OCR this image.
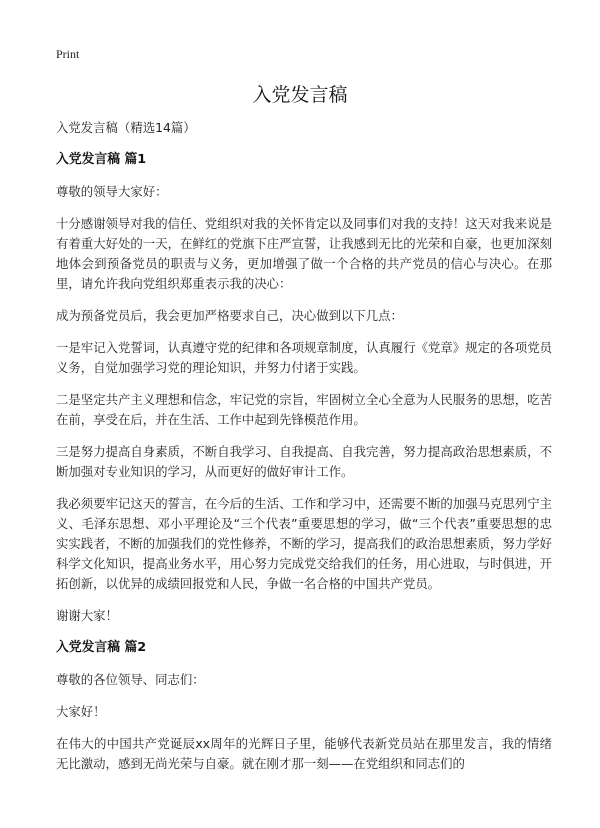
Print
入党发言稿

入党发言稿（精选14篇）

入党发言稿 篇1

尊敬的领导大家好：

十分感谢领导对我的信任、党组织对我的关怀肯定以及同事们对我的支持！这天对我来说是有着重大好处的一天，在鲜红的党旗下庄严宣誓，让我感到无比的光荣和自豪，也更加深刻地体会到预备党员的职责与义务，更加增强了做一个合格的共产党员的信心与决心。在那里，请允许我向党组织郑重表示我的决心：

成为预备党员后，我会更加严格要求自己，决心做到以下几点：

一是牢记入党誓词，认真遵守党的纪律和各项规章制度，认真履行《党章》规定的各项党员义务，自觉加强学习党的理论知识，并努力付诸于实践。

二是坚定共产主义理想和信念，牢记党的宗旨，牢固树立全心全意为人民服务的思想，吃苦在前，享受在后，并在生活、工作中起到先锋模范作用。

三是努力提高自身素质，不断自我学习、自我提高、自我完善，努力提高政治思想素质，不断加强对专业知识的学习，从而更好的做好审计工作。

我必须要牢记这天的誓言，在今后的生活、工作和学习中，还需要不断的加强马克思列宁主义、毛泽东思想、邓小平理论及“三个代表”重要思想的学习，做“三个代表”重要思想的忠实实践者，不断的加强我们的党性修养，不断的学习，提高我们的政治思想素质，努力学好科学文化知识，提高业务水平，用心努力完成党交给我们的任务，用心进取，与时俱进，开拓创新，以优异的成绩回报党和人民，争做一名合格的中国共产党员。

谢谢大家！

入党发言稿 篇2

尊敬的各位领导、同志们：

大家好！

在伟大的中国共产党诞辰xx周年的光辉日子里，能够代表新党员站在那里发言，我的情绪无比激动，感到无尚光荣与自豪。就在刚才那一刻——在党组织和同志们的
